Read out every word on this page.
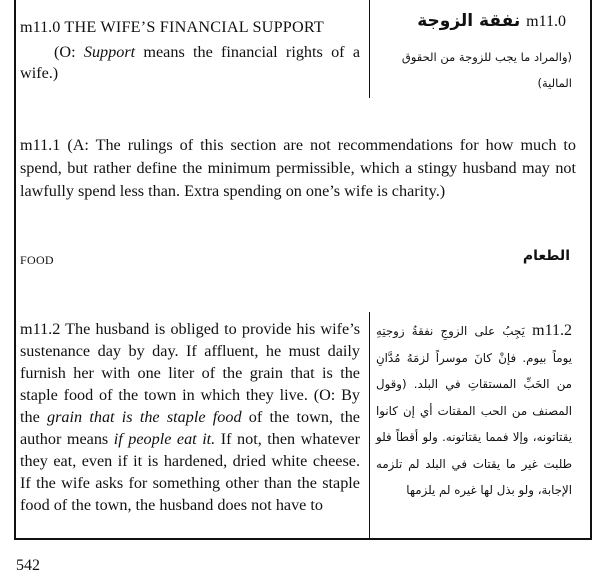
m11.0 THE WIFE’S FINANCIAL SUPPORT
(O: Support means the financial rights of a wife.)
m11.0 نفقة الزوجة
(والمراد ما يجب للزوجة من الحقوق المالية)
m11.1 (A: The rulings of this section are not recommendations for how much to spend, but rather define the minimum permissible, which a stingy husband may not lawfully spend less than. Extra spending on one’s wife is charity.)
FOOD	الطعام
m11.2 The husband is obliged to provide his wife’s sustenance day by day. If affluent, he must daily furnish her with one liter of the grain that is the staple food of the town in which they live. (O: By the grain that is the staple food of the town, the author means if people eat it. If not, then whatever they eat, even if it is hardened, dried white cheese. If the wife asks for something other than the staple food of the town, the husband does not have to
m11.2 يَجِبُ على الزوجِ نفقةُ زوجتِهِ يوماً بيوم. فإنْ كانَ موسراً لزمَهُ مُدَّانِ من الحَبِّ المستقاتِ في البلد. (وقول المصنف من الحب المقتات أي إن كانوا يقتاتونه، وإلا فمما يقتاتونه. ولو أقطاً فلو طلبت غير ما يقتات في البلد لم تلزمه الإجابة، ولو بذل لها غيره لم يلزمها
542
